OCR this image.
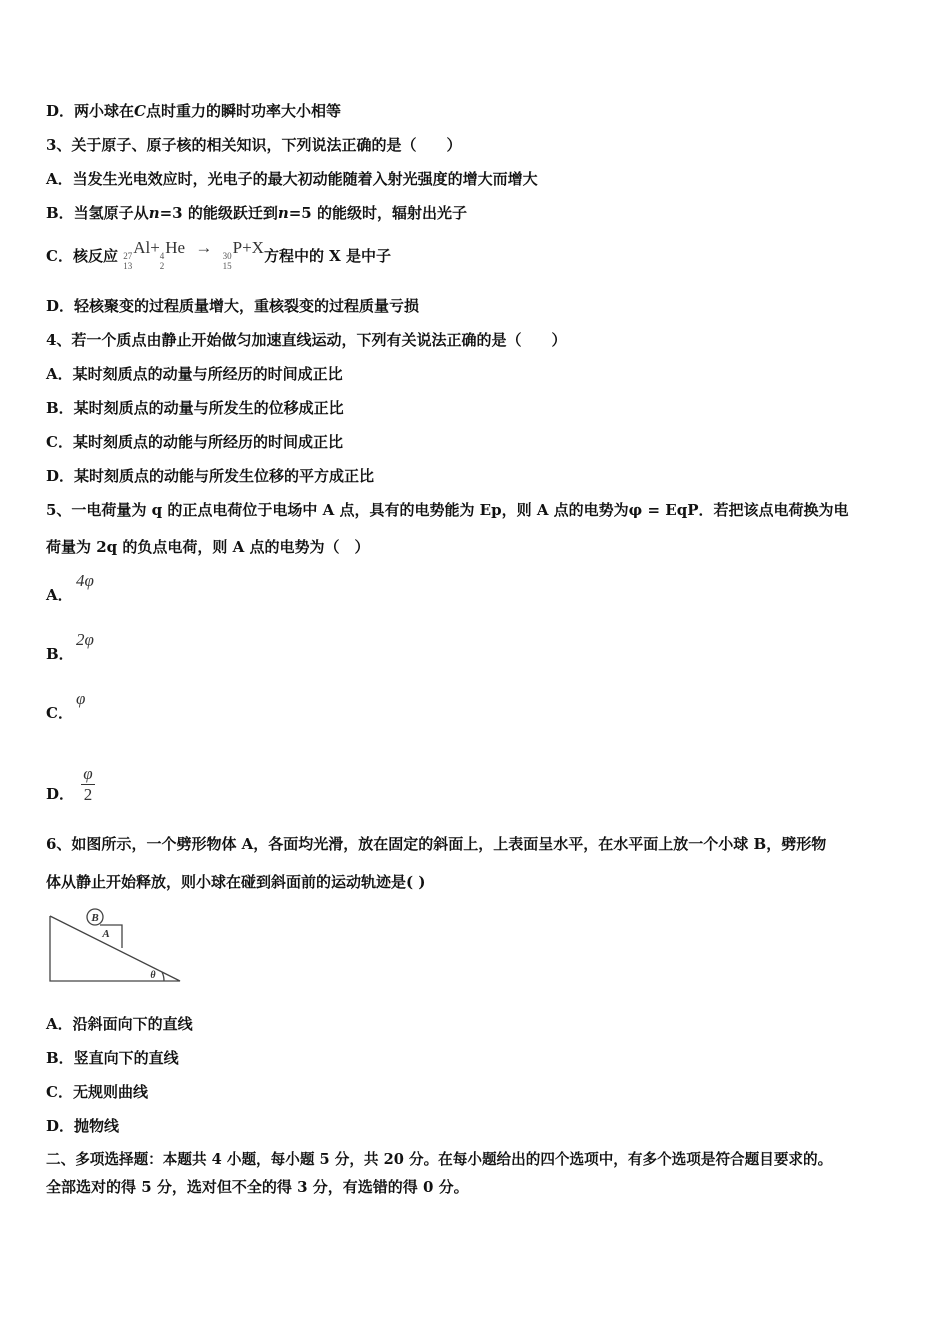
D．两小球在C点时重力的瞬时功率大小相等
3、关于原子、原子核的相关知识，下列说法正确的是（　　）
A．当发生光电效应时，光电子的最大初动能随着入射光强度的增大而增大
B．当氢原子从n=3 的能级跃迁到n=5 的能级时，辐射出光子
C．核反应 27
13
Al+ 4
2
He → 30
15
P+X方程中的 X 是中子
D．轻核聚变的过程质量增大，重核裂变的过程质量亏损
4、若一个质点由静止开始做匀加速直线运动，下列有关说法正确的是（　　）
A．某时刻质点的动量与所经历的时间成正比
B．某时刻质点的动量与所发生的位移成正比
C．某时刻质点的动能与所经历的时间成正比
D．某时刻质点的动能与所发生位移的平方成正比
5、一电荷量为 q 的正点电荷位于电场中 A 点，具有的电势能为 Ep，则 A 点的电势为φ = EqP．若把该点电荷换为电
荷量为 2q 的负点电荷，则 A 点的电势为（　）
A．4φ
B．2φ
C．φ
D． $\frac{\varphi}{2}$
6、如图所示，一个劈形物体 A，各面均光滑，放在固定的斜面上，上表面呈水平，在水平面上放一个小球 B，劈形物
体从静止开始释放，则小球在碰到斜面前的运动轨迹是( )
B
A
θ
A．沿斜面向下的直线
B．竖直向下的直线
C．无规则曲线
D．抛物线
二、多项选择题：本题共 4 小题，每小题 5 分，共 20 分。在每小题给出的四个选项中，有多个选项是符合题目要求的。
全部选对的得 5 分，选对但不全的得 3 分，有选错的得 0 分。
